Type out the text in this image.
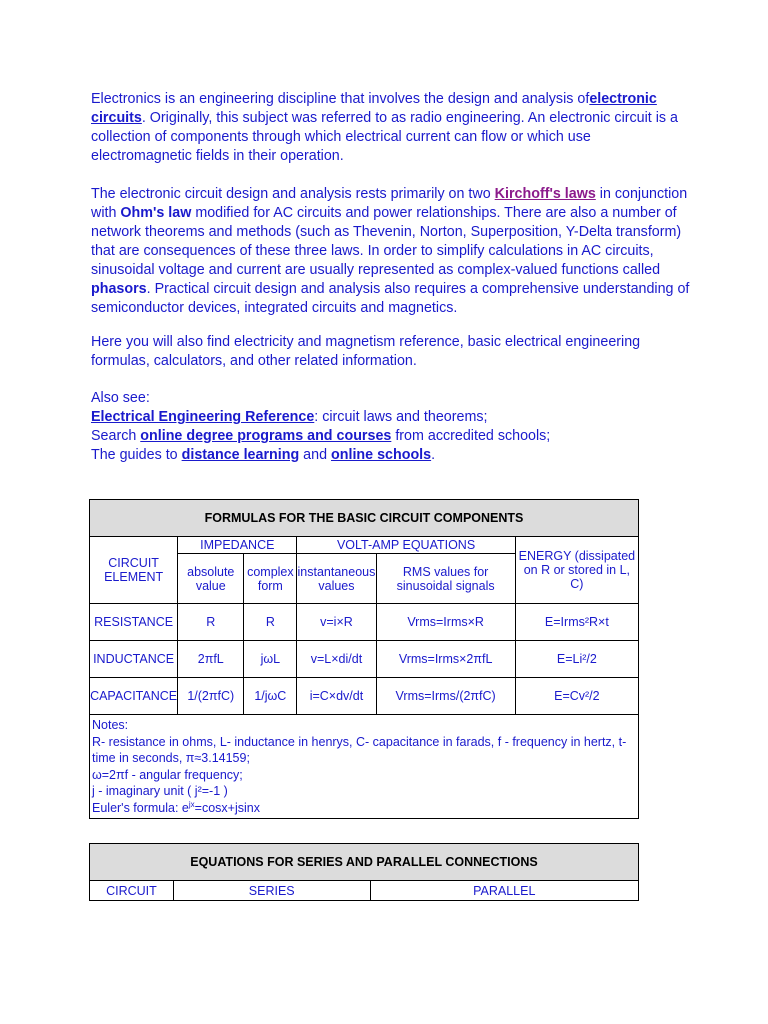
Electronics is an engineering discipline that involves the design and analysis ofelectronic circuits. Originally, this subject was referred to as radio engineering. An electronic circuit is a collection of components through which electrical current can flow or which use electromagnetic fields in their operation.

The electronic circuit design and analysis rests primarily on two Kirchoff's laws in conjunction with Ohm's law modified for AC circuits and power relationships. There are also a number of network theorems and methods (such as Thevenin, Norton, Superposition, Y-Delta transform) that are consequences of these three laws. In order to simplify calculations in AC circuits, sinusoidal voltage and current are usually represented as complex-valued functions called phasors. Practical circuit design and analysis also requires a comprehensive understanding of semiconductor devices, integrated circuits and magnetics.

Here you will also find electricity and magnetism reference, basic electrical engineering formulas, calculators, and other related information.

Also see:

Electrical Engineering Reference: circuit laws and theorems;

Search online degree programs and courses from accredited schools;

The guides to distance learning and online schools.

FORMULAS FOR THE BASIC CIRCUIT COMPONENTS					
CIRCUIT ELEMENT	IMPEDANCE		VOLT-AMP EQUATIONS		ENERGY (dissipated on R or stored in L, C)
	absolute value	complex form	instantaneous values	RMS values for sinusoidal signals	
RESISTANCE	R	R	v=i×R	Vrms=Irms×R	E=Irms²R×t
INDUCTANCE	2πfL	jωL	v=L×di/dt	Vrms=Irms×2πfL	E=Li²/2
CAPACITANCE	1/(2πfC)	1/jωC	i=C×dv/dt	Vrms=Irms/(2πfC)	E=Cv²/2

Notes:
R- resistance in ohms, L- inductance in henrys, C- capacitance in farads, f - frequency in hertz, t- time in seconds, π≈3.14159;
ω=2πf - angular frequency;
j - imaginary unit ( j²=-1 )
Euler's formula: $e^{jx}=\cos x+jsinx$					
EQUATIONS FOR SERIES AND PARALLEL CONNECTIONS
CIRCUIT	SERIES	PARALLEL
